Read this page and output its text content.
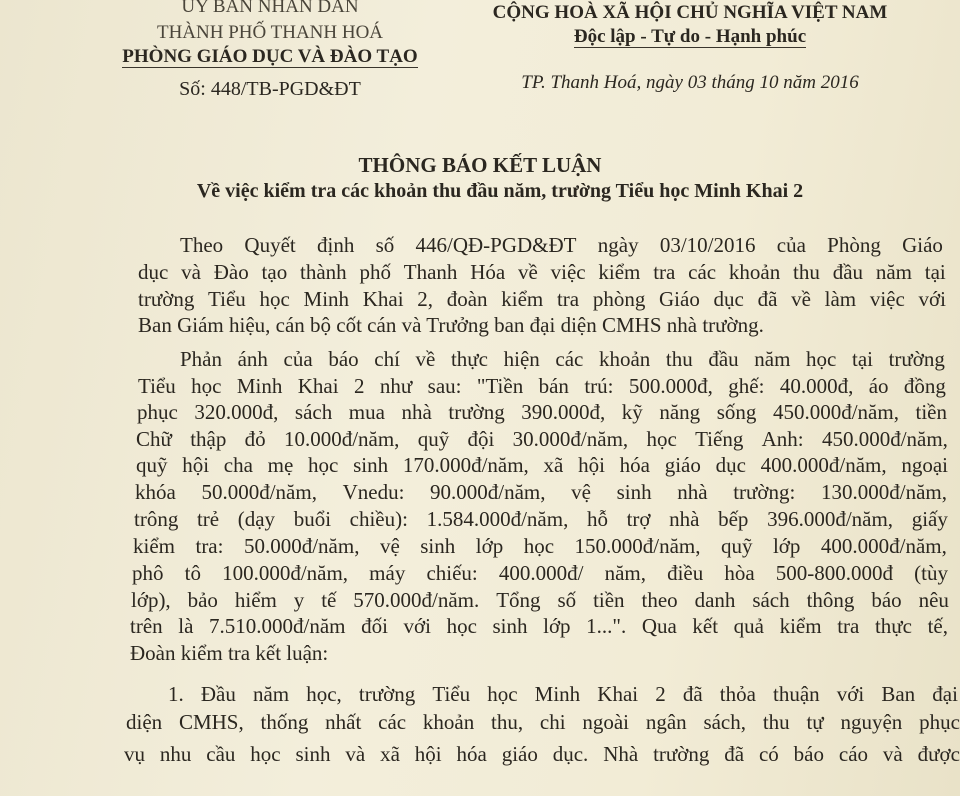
UY BAN NHAN DAN
THÀNH PHỐ THANH HOÁ
PHÒNG GIÁO DỤC VÀ ĐÀO TẠO
Số: 448/TB-PGD&ĐT
CỘNG HOÀ XÃ HỘI CHỦ NGHĨA VIỆT NAM
Độc lập - Tự do - Hạnh phúc
TP. Thanh Hoá, ngày 03 tháng 10 năm 2016
THÔNG BÁO KẾT LUẬN
Về việc kiểm tra các khoản thu đầu năm, trường Tiểu học Minh Khai 2
Theo Quyết định số 446/QĐ-PGD&ĐT ngày 03/10/2016 của Phòng Giáo
dục và Đào tạo thành phố Thanh Hóa về việc kiểm tra các khoản thu đầu năm tại
trường Tiểu học Minh Khai 2, đoàn kiểm tra phòng Giáo dục đã về làm việc với
Ban Giám hiệu, cán bộ cốt cán và Trưởng ban đại diện CMHS nhà trường.
Phản ánh của báo chí về thực hiện các khoản thu đầu năm học tại trường
Tiểu học Minh Khai 2 như sau: "Tiền bán trú: 500.000đ, ghế: 40.000đ, áo đồng
phục 320.000đ, sách mua nhà trường 390.000đ, kỹ năng sống 450.000đ/năm, tiền
Chữ thập đỏ 10.000đ/năm, quỹ đội 30.000đ/năm, học Tiếng Anh: 450.000đ/năm,
quỹ hội cha mẹ học sinh 170.000đ/năm, xã hội hóa giáo dục 400.000đ/năm, ngoại
khóa 50.000đ/năm, Vnedu: 90.000đ/năm, vệ sinh nhà trường: 130.000đ/năm,
trông trẻ (dạy buổi chiều): 1.584.000đ/năm, hỗ trợ nhà bếp 396.000đ/năm, giấy
kiểm tra: 50.000đ/năm, vệ sinh lớp học 150.000đ/năm, quỹ lớp 400.000đ/năm,
phô tô 100.000đ/năm, máy chiếu: 400.000đ/ năm, điều hòa 500-800.000đ (tùy
lớp), bảo hiểm y tế 570.000đ/năm. Tổng số tiền theo danh sách thông báo nêu
trên là 7.510.000đ/năm đối với học sinh lớp 1...". Qua kết quả kiểm tra thực tế,
Đoàn kiểm tra kết luận:
1. Đầu năm học, trường Tiểu học Minh Khai 2 đã thỏa thuận với Ban đại
diện CMHS, thống nhất các khoản thu, chi ngoài ngân sách, thu tự nguyện phục
vụ nhu cầu học sinh và xã hội hóa giáo dục. Nhà trường đã có báo cáo và được
